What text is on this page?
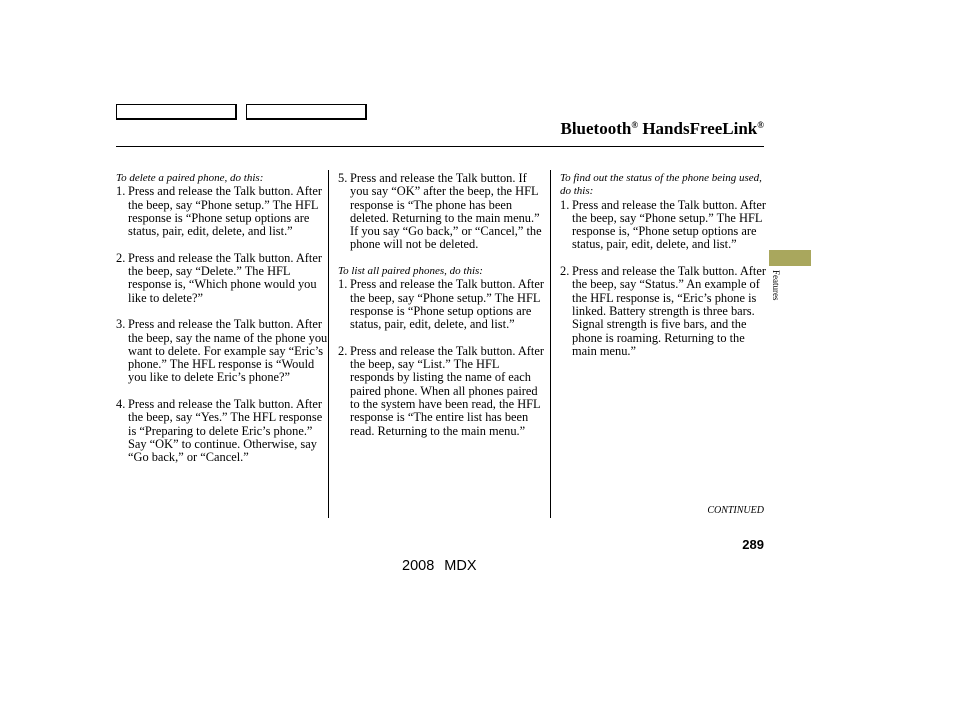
Bluetooth® HandsFreeLink®
To delete a paired phone, do this:
1. Press and release the Talk button. After the beep, say “Phone setup.” The HFL response is “Phone setup options are status, pair, edit, delete, and list.”
2. Press and release the Talk button. After the beep, say “Delete.” The HFL response is, “Which phone would you like to delete?”
3. Press and release the Talk button. After the beep, say the name of the phone you want to delete. For example say “Eric’s phone.” The HFL response is “Would you like to delete Eric’s phone?”
4. Press and release the Talk button. After the beep, say “Yes.” The HFL response is “Preparing to delete Eric’s phone.” Say “OK” to continue. Otherwise, say “Go back,” or “Cancel.”
5. Press and release the Talk button. If you say “OK” after the beep, the HFL response is “The phone has been deleted. Returning to the main menu.” If you say “Go back,” or “Cancel,” the phone will not be deleted.
To list all paired phones, do this:
1. Press and release the Talk button. After the beep, say “Phone setup.” The HFL response is “Phone setup options are status, pair, edit, delete, and list.”
2. Press and release the Talk button. After the beep, say “List.” The HFL responds by listing the name of each paired phone. When all phones paired to the system have been read, the HFL response is “The entire list has been read. Returning to the main menu.”
To find out the status of the phone being used, do this:
1. Press and release the Talk button. After the beep, say “Phone setup.” The HFL response is, “Phone setup options are status, pair, edit, delete, and list.”
2. Press and release the Talk button. After the beep, say “Status.” An example of the HFL response is, “Eric’s phone is linked. Battery strength is three bars. Signal strength is five bars, and the phone is roaming. Returning to the main menu.”
Features
CONTINUED
289
2008 MDX
